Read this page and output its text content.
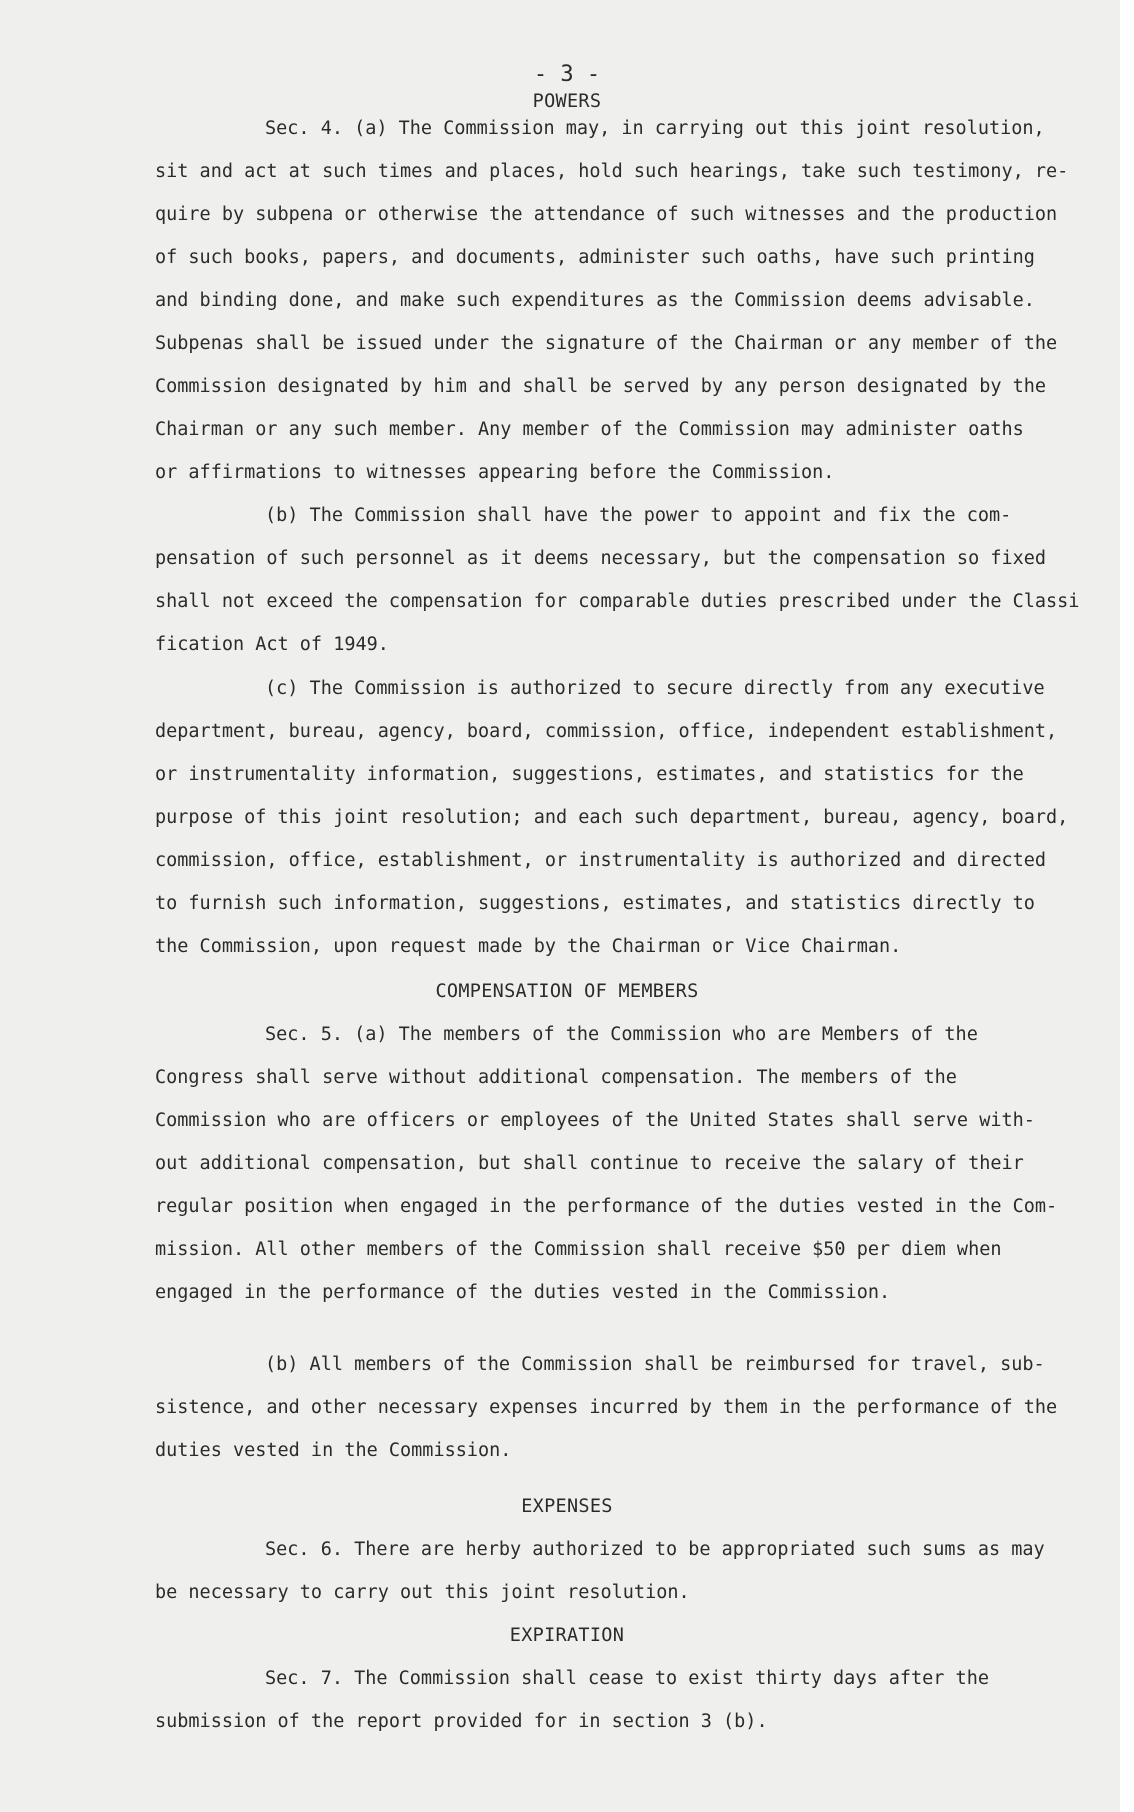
- 3 -
POWERS
Sec. 4. (a) The Commission may, in carrying out this joint resolution,
sit and act at such times and places, hold such hearings, take such testimony, re-
quire by subpena or otherwise the attendance of such witnesses and the production
of such books, papers, and documents, administer such oaths, have such printing
and binding done, and make such expenditures as the Commission deems advisable.
Subpenas shall be issued under the signature of the Chairman or any member of the
Commission designated by him and shall be served by any person designated by the
Chairman or any such member. Any member of the Commission may administer oaths
or affirmations to witnesses appearing before the Commission.
(b) The Commission shall have the power to appoint and fix the com-
pensation of such personnel as it deems necessary, but the compensation so fixed
shall not exceed the compensation for comparable duties prescribed under the Classi
fication Act of 1949.
(c) The Commission is authorized to secure directly from any executive
department, bureau, agency, board, commission, office, independent establishment,
or instrumentality information, suggestions, estimates, and statistics for the
purpose of this joint resolution; and each such department, bureau, agency, board,
commission, office, establishment, or instrumentality is authorized and directed
to furnish such information, suggestions, estimates, and statistics directly to
the Commission, upon request made by the Chairman or Vice Chairman.
COMPENSATION OF MEMBERS
Sec. 5. (a) The members of the Commission who are Members of the
Congress shall serve without additional compensation. The members of the
Commission who are officers or employees of the United States shall serve with-
out additional compensation, but shall continue to receive the salary of their
regular position when engaged in the performance of the duties vested in the Com-
mission. All other members of the Commission shall receive $50 per diem when
engaged in the performance of the duties vested in the Commission.
(b) All members of the Commission shall be reimbursed for travel, sub-
sistence, and other necessary expenses incurred by them in the performance of the
duties vested in the Commission.
EXPENSES
Sec. 6. There are herby authorized to be appropriated such sums as may
be necessary to carry out this joint resolution.
EXPIRATION
Sec. 7. The Commission shall cease to exist thirty days after the
submission of the report provided for in section 3 (b).
